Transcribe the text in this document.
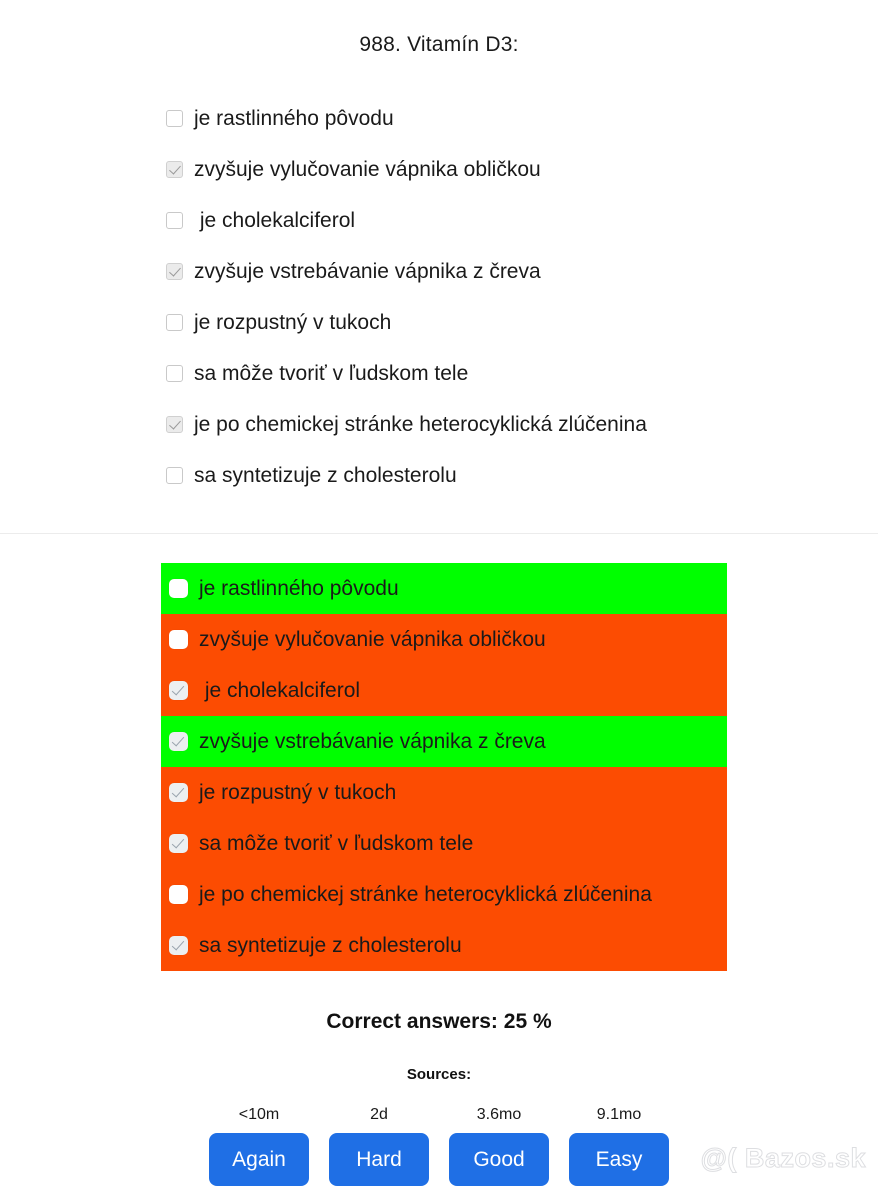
988. Vitamín D3:
je rastlinného pôvodu
zvyšuje vylučovanie vápnika obličkou
je cholekalciferol
zvyšuje vstrebávanie vápnika z čreva
je rozpustný v tukoch
sa môže tvoriť v ľudskom tele
je po chemickej stránke heterocyklická zlúčenina
sa syntetizuje z cholesterolu
je rastlinného pôvodu
zvyšuje vylučovanie vápnika obličkou
je cholekalciferol
zvyšuje vstrebávanie vápnika z čreva
je rozpustný v tukoch
sa môže tvoriť v ľudskom tele
je po chemickej stránke heterocyklická zlúčenina
sa syntetizuje z cholesterolu
Correct answers: 25 %
Sources:
<10m
Again
2d
Hard
3.6mo
Good
9.1mo
Easy	@( Bazos.sk
